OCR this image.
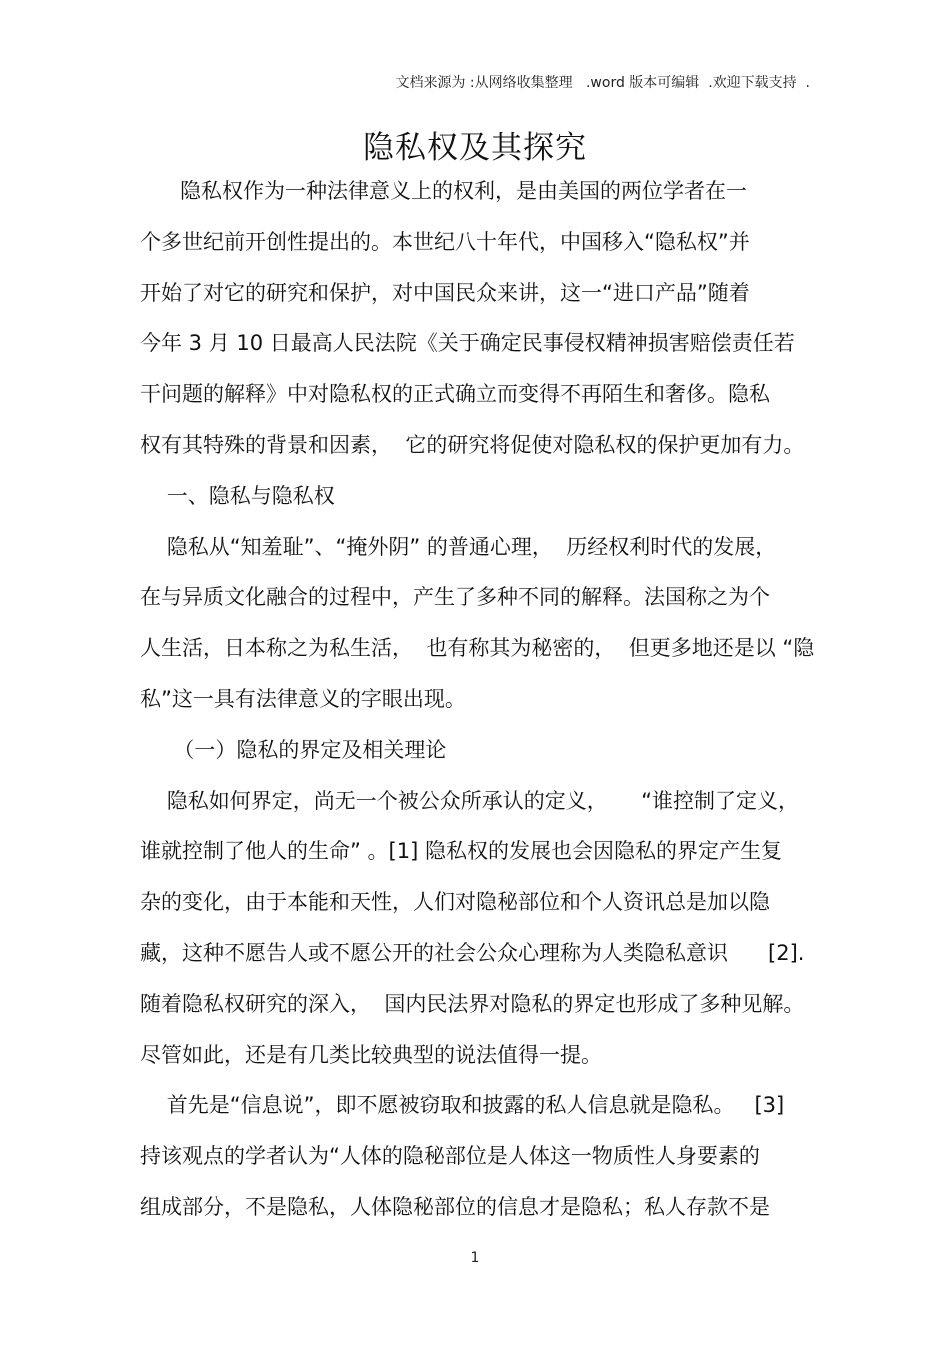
文档来源为 :从网络收集整理   .word 版本可编辑  .欢迎下载支持  .
隐私权及其探究
隐私权作为一种法律意义上的权利，是由美国的两位学者在一
个多世纪前开创性提出的。本世纪八十年代，中国移入“隐私权”并
开始了对它的研究和保护，对中国民众来讲，这一“进口产品”随着
今年 3 月 10 日最高人民法院《关于确定民事侵权精神损害赔偿责任若
干问题的解释》中对隐私权的正式确立而变得不再陌生和奢侈。隐私
权有其特殊的背景和因素，  它的研究将促使对隐私权的保护更加有力。
一、隐私与隐私权
隐私从“知羞耻”、“掩外阴” 的普通心理，  历经权利时代的发展，
在与异质文化融合的过程中，产生了多种不同的解释。法国称之为个
人生活，日本称之为私生活，  也有称其为秘密的，  但更多地还是以 “隐
私”这一具有法律意义的字眼出现。
（一）隐私的界定及相关理论
隐私如何界定，尚无一个被公众所承认的定义，     “谁控制了定义，
谁就控制了他人的生命” 。[1] 隐私权的发展也会因隐私的界定产生复
杂的变化，由于本能和天性，人们对隐秘部位和个人资讯总是加以隐
藏，这种不愿告人或不愿公开的社会公众心理称为人类隐私意识      [2].
随着隐私权研究的深入，  国内民法界对隐私的界定也形成了多种见解。
尽管如此，还是有几类比较典型的说法值得一提。
首先是“信息说”，即不愿被窃取和披露的私人信息就是隐私。   [3]
持该观点的学者认为“人体的隐秘部位是人体这一物质性人身要素的
组成部分，不是隐私，人体隐秘部位的信息才是隐私；私人存款不是
1
